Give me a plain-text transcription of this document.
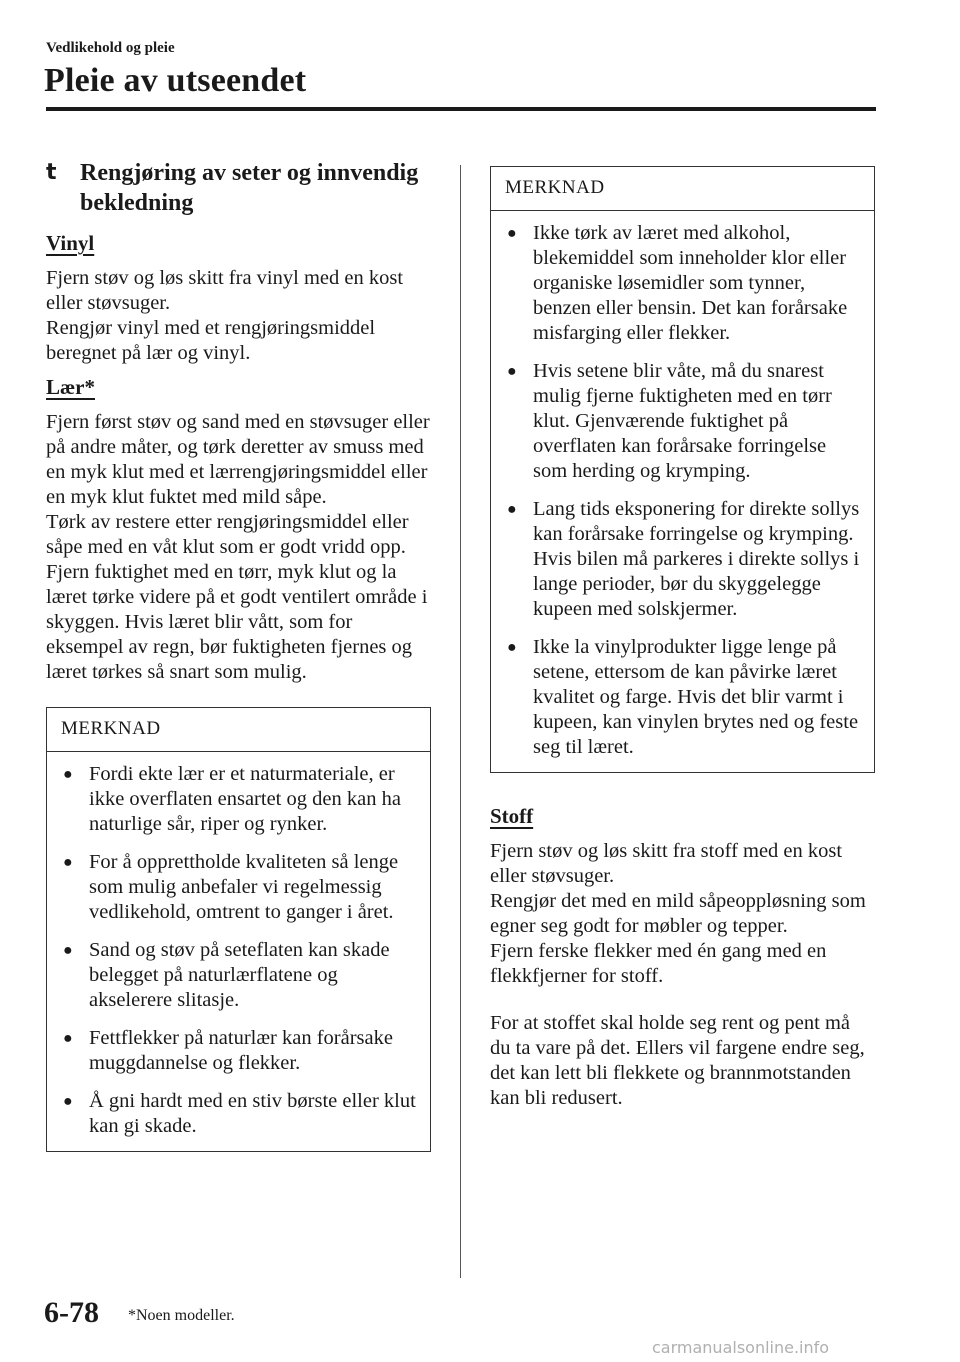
Vedlikehold og pleie
Pleie av utseendet
t Rengjøring av seter og innvendig bekledning
Vinyl

Fjern støv og løs skitt fra vinyl med en kost eller støvsuger.
Rengjør vinyl med et rengjøringsmiddel beregnet på lær og vinyl.

Lær*

Fjern først støv og sand med en støvsuger eller på andre måter, og tørk deretter av smuss med en myk klut med et lærrengjøringsmiddel eller en myk klut fuktet med mild såpe.
Tørk av restere etter rengjøringsmiddel eller såpe med en våt klut som er godt vridd opp.
Fjern fuktighet med en tørr, myk klut og la læret tørke videre på et godt ventilert område i skyggen. Hvis læret blir vått, som for eksempel av regn, bør fuktigheten fjernes og læret tørkes så snart som mulig.

MERKNAD
● Fordi ekte lær er et naturmateriale, er ikke overflaten ensartet og den kan ha naturlige sår, riper og rynker.
● For å opprettholde kvaliteten så lenge som mulig anbefaler vi regelmessig vedlikehold, omtrent to ganger i året.
● Sand og støv på seteflaten kan skade belegget på naturlærflatene og akselerere slitasje.
● Fettflekker på naturlær kan forårsake muggdannelse og flekker.
● Å gni hardt med en stiv børste eller klut kan gi skade.
MERKNAD
● Ikke tørk av læret med alkohol, blekemiddel som inneholder klor eller organiske løsemidler som tynner, benzen eller bensin. Det kan forårsake misfarging eller flekker.
● Hvis setene blir våte, må du snarest mulig fjerne fuktigheten med en tørr klut. Gjenværende fuktighet på overflaten kan forårsake forringelse som herding og krymping.
● Lang tids eksponering for direkte sollys kan forårsake forringelse og krymping. Hvis bilen må parkeres i direkte sollys i lange perioder, bør du skyggelegge kupeen med solskjermer.
● Ikke la vinylprodukter ligge lenge på setene, ettersom de kan påvirke læret kvalitet og farge. Hvis det blir varmt i kupeen, kan vinylen brytes ned og feste seg til læret.
Stoff

Fjern støv og løs skitt fra stoff med en kost eller støvsuger.
Rengjør det med en mild såpeoppløsning som egner seg godt for møbler og tepper.
Fjern ferske flekker med én gang med en flekkfjerner for stoff.

For at stoffet skal holde seg rent og pent må du ta vare på det. Ellers vil fargene endre seg, det kan lett bli flekkete og brannmotstanden kan bli redusert.

6-78 *Noen modeller.
carmanualsonline.info
